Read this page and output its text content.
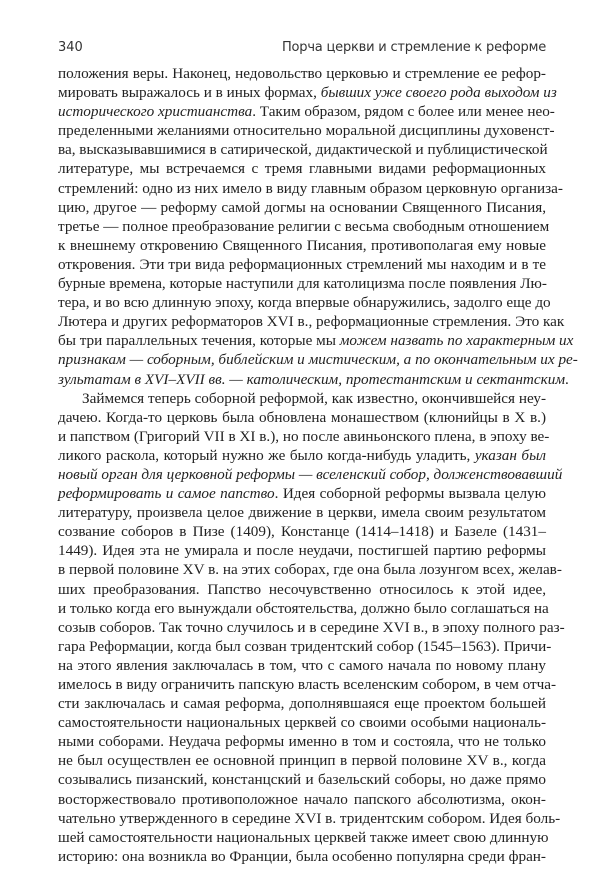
340	Порча церкви и стремление к реформе
положения веры. Наконец, недовольство церковью и стремление ее рефор-
мировать выражалось и в иных формах, бывших уже своего рода выходом из
исторического христианства. Таким образом, рядом с более или менее нео-
пределенными желаниями относительно моральной дисциплины духовенст-
ва, высказывавшимися в сатирической, дидактической и публицистической
литературе, мы встречаемся с тремя главными видами реформационных
стремлений: одно из них имело в виду главным образом церковную организа-
цию, другое — реформу самой догмы на основании Священного Писания,
третье — полное преобразование религии с весьма свободным отношением
к внешнему откровению Священного Писания, противополагая ему новые
откровения. Эти три вида реформационных стремлений мы находим и в те
бурные времена, которые наступили для католицизма после появления Лю-
тера, и во всю длинную эпоху, когда впервые обнаружились, задолго еще до
Лютера и других реформаторов XVI в., реформационные стремления. Это как
бы три параллельных течения, которые мы можем назвать по характерным их
признакам — соборным, библейским и мистическим, а по окончательным их ре-
зультатам в XVI–XVII вв. — католическим, протестантским и сектантским.
Займемся теперь соборной реформой, как известно, окончившейся неу-
дачею. Когда-то церковь была обновлена монашеством (клюнийцы в X в.)
и папством (Григорий VII в XI в.), но после авиньонского плена, в эпоху ве-
ликого раскола, который нужно же было когда-нибудь уладить, указан был
новый орган для церковной реформы — вселенский собор, долженствовавший
реформировать и самое папство. Идея соборной реформы вызвала целую
литературу, произвела целое движение в церкви, имела своим результатом
созвание соборов в Пизе (1409), Констанце (1414–1418) и Базеле (1431–
1449). Идея эта не умирала и после неудачи, постигшей партию реформы
в первой половине XV в. на этих соборах, где она была лозунгом всех, желав-
ших преобразования. Папство несочувственно относилось к этой идее,
и только когда его вынуждали обстоятельства, должно было соглашаться на
созыв соборов. Так точно случилось и в середине XVI в., в эпоху полного раз-
гара Реформации, когда был созван тридентский собор (1545–1563). Причи-
на этого явления заключалась в том, что с самого начала по новому плану
имелось в виду ограничить папскую власть вселенским собором, в чем отча-
сти заключалась и самая реформа, дополнявшаяся еще проектом большей
самостоятельности национальных церквей со своими особыми националь-
ными соборами. Неудача реформы именно в том и состояла, что не только
не был осуществлен ее основной принцип в первой половине XV в., когда
созывались пизанский, констанцский и базельский соборы, но даже прямо
восторжествовало противоположное начало папского абсолютизма, окон-
чательно утвержденного в середине XVI в. тридентским собором. Идея боль-
шей самостоятельности национальных церквей также имеет свою длинную
историю: она возникла во Франции, была особенно популярна среди фран-
